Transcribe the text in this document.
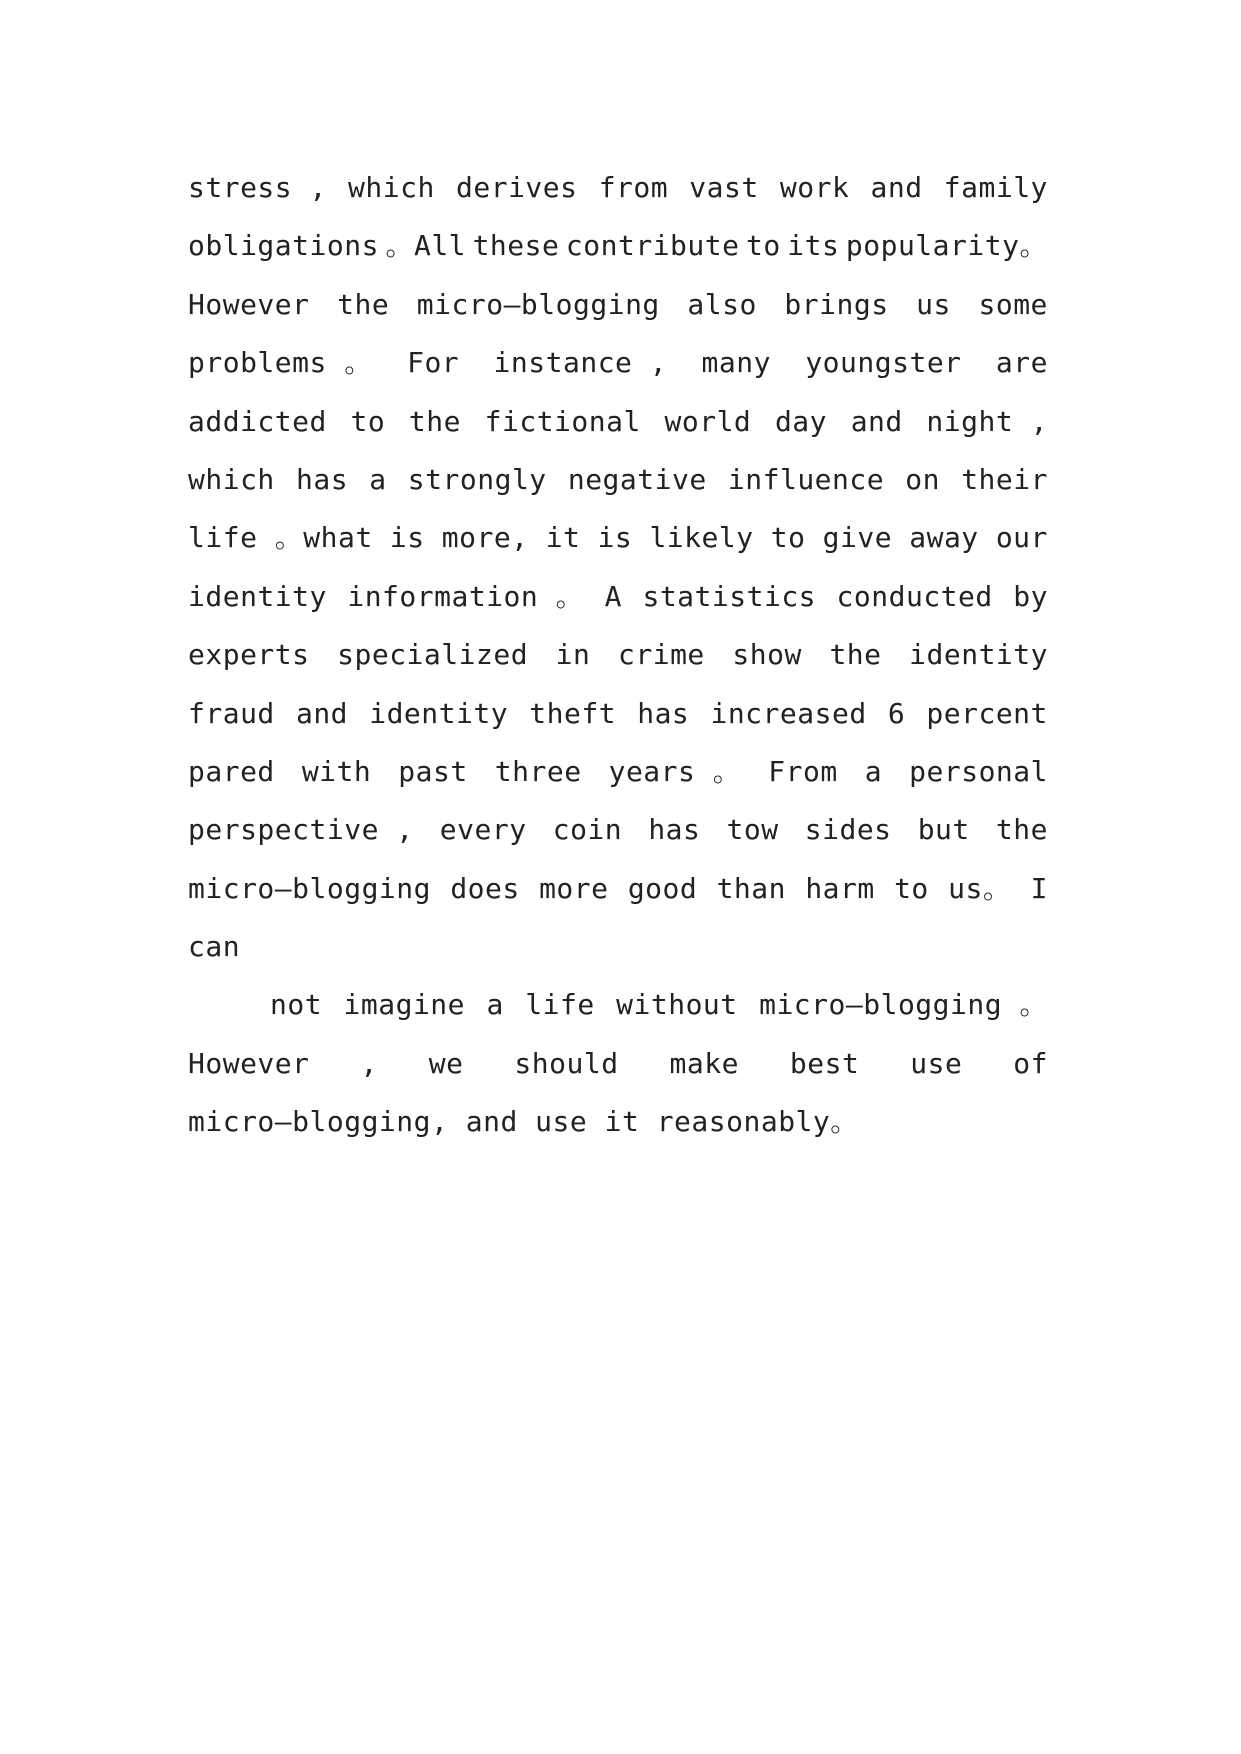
stress , which derives from vast work and family
obligations 。All these contribute to its popularity。
However the micro—blogging also brings us some
problems 。 For instance , many youngster are
addicted to the fictional world day and night ,
which has a strongly negative influence on their
life 。what is more, it is likely to give away our
identity information 。 A statistics conducted by
experts specialized in crime show the identity
fraud and identity theft has increased 6 percent
pared with past three years 。 From a personal
perspective , every coin has tow sides but the
micro—blogging does more good than harm to us。 I
can
not imagine a life without micro—blogging 。
However , we should make best use of
micro—blogging, and use it reasonably。
